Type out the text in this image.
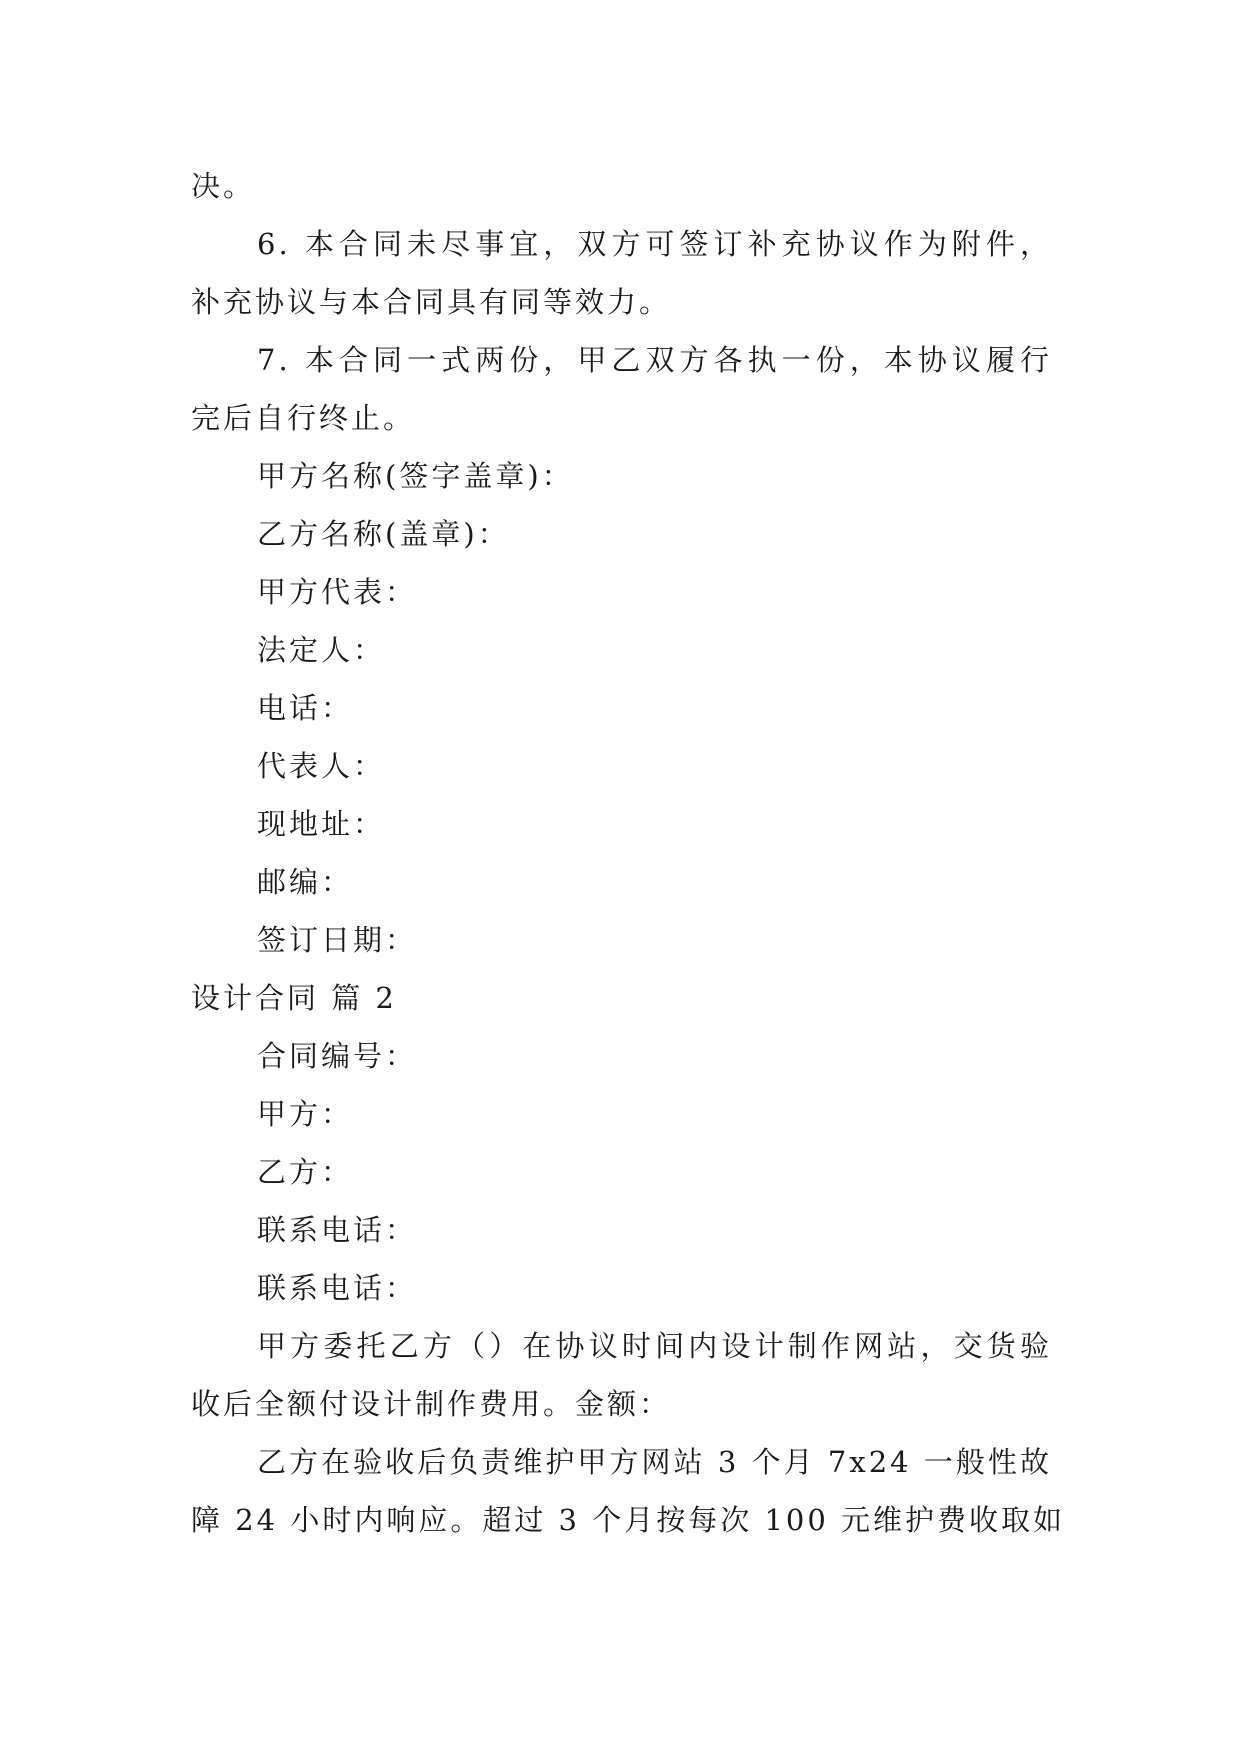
决。
6. 本合同未尽事宜，双方可签订补充协议作为附件，
补充协议与本合同具有同等效力。
7. 本合同一式两份，甲乙双方各执一份，本协议履行
完后自行终止。
甲方名称(签字盖章)：
乙方名称(盖章)：
甲方代表：
法定人：
电话：
代表人：
现地址：
邮编：
签订日期：
设计合同 篇 2
合同编号：
甲方：
乙方：
联系电话：
联系电话：
甲方委托乙方（）在协议时间内设计制作网站，交货验
收后全额付设计制作费用。金额：
乙方在验收后负责维护甲方网站 3 个月 7x24 一般性故
障 24 小时内响应。超过 3 个月按每次 100 元维护费收取如
